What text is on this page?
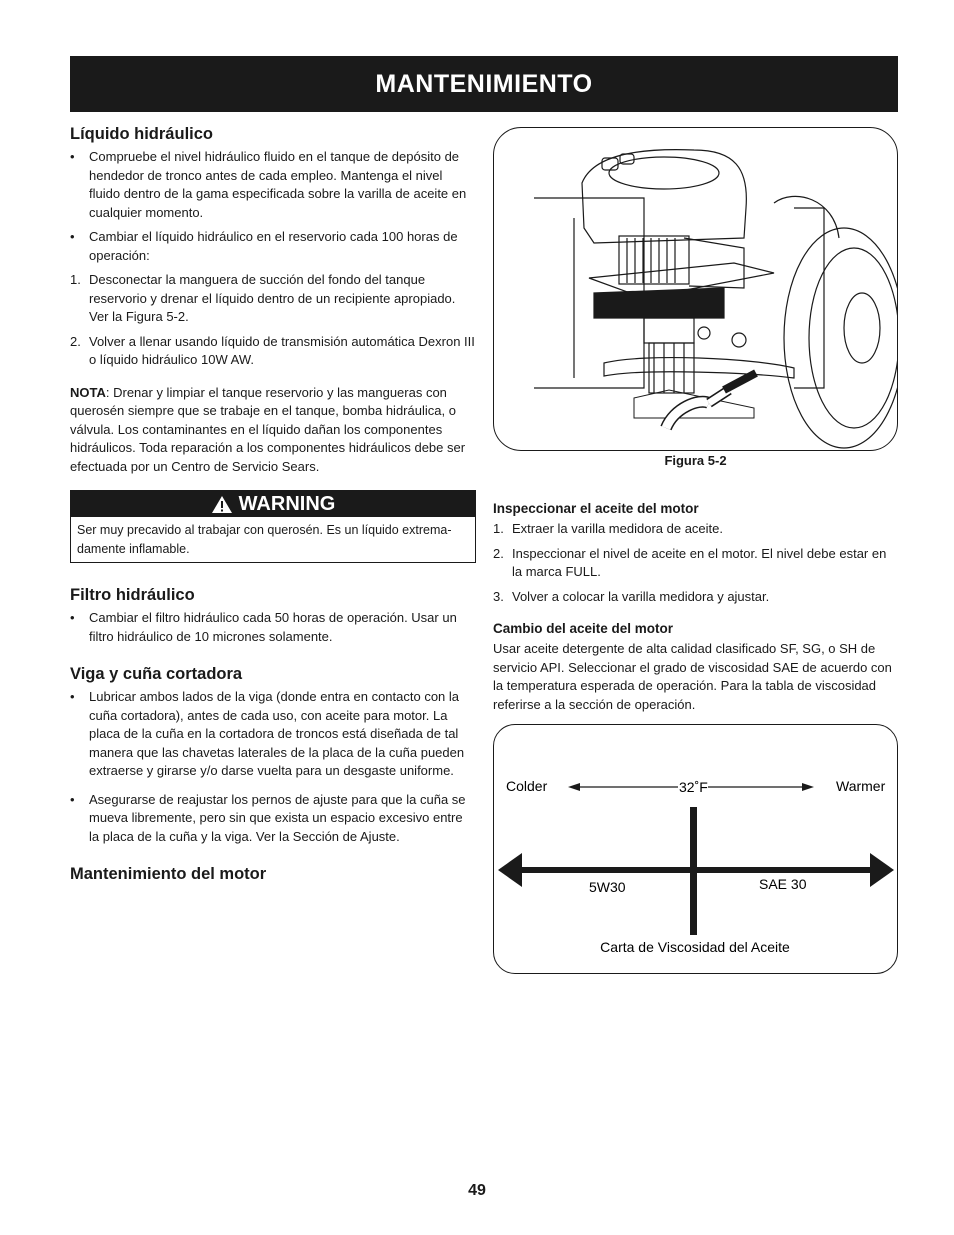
MANTENIMIENTO
Líquido hidráulico
• Compruebe el nivel hidráulico fluido en el tanque de depósito de hendedor de tronco antes de cada empleo. Mantenga el nivel fluido dentro de la gama especificada sobre la varilla de aceite en cualquier momento.
• Cambiar el líquido hidráulico en el reservorio cada 100 horas de operación:
1. Desconectar la manguera de succión del fondo del tanque reservorio y drenar el líquido dentro de un recipiente apropiado. Ver la Figura 5-2.
2. Volver a llenar usando líquido de transmisión automática Dexron III o líquido hidráulico 10W AW.

NOTA: Drenar y limpiar el tanque reservorio y las mangueras con querosén siempre que se trabaje en el tanque, bomba hidráulica, o válvula. Los contaminantes en el líquido dañan los componentes hidráulicos. Toda reparación a los componentes hidráulicos debe ser efectuada por un Centro de Servicio Sears.

WARNING
Ser muy precavido al trabajar con querosén. Es un líquido extrema-damente inflamable.
Filtro hidráulico
• Cambiar el filtro hidráulico cada 50 horas de operación. Usar un filtro hidráulico de 10 micrones solamente.
Viga y cuña cortadora
• Lubricar ambos lados de la viga (donde entra en contacto con la cuña cortadora), antes de cada uso, con aceite para motor. La placa de la cuña en la cortadora de troncos está diseñada de tal manera que las chavetas laterales de la placa de la cuña pueden extraerse y girarse y/o darse vuelta para un desgaste uniforme.
• Asegurarse de reajustar los pernos de ajuste para que la cuña se mueva libremente, pero sin que exista un espacio excesivo entre la placa de la cuña y la viga. Ver la Sección de Ajuste.
Mantenimiento del motor
Figura 5-2
Inspeccionar el aceite del motor
1. Extraer la varilla medidora de aceite.
2. Inspeccionar el nivel de aceite en el motor. El nivel debe estar en la marca FULL.
3. Volver a colocar la varilla medidora y ajustar.
Cambio del aceite del motor

Usar aceite detergente de alta calidad clasificado SF, SG, o SH de servicio API. Seleccionar el grado de viscosidad SAE de acuerdo con la temperatura esperada de operación. Para la tabla de viscosidad referirse a la sección de operación.

Colder	Warmer
32˚F
5W30	SAE 30
Carta de Viscosidad del Aceite
49
